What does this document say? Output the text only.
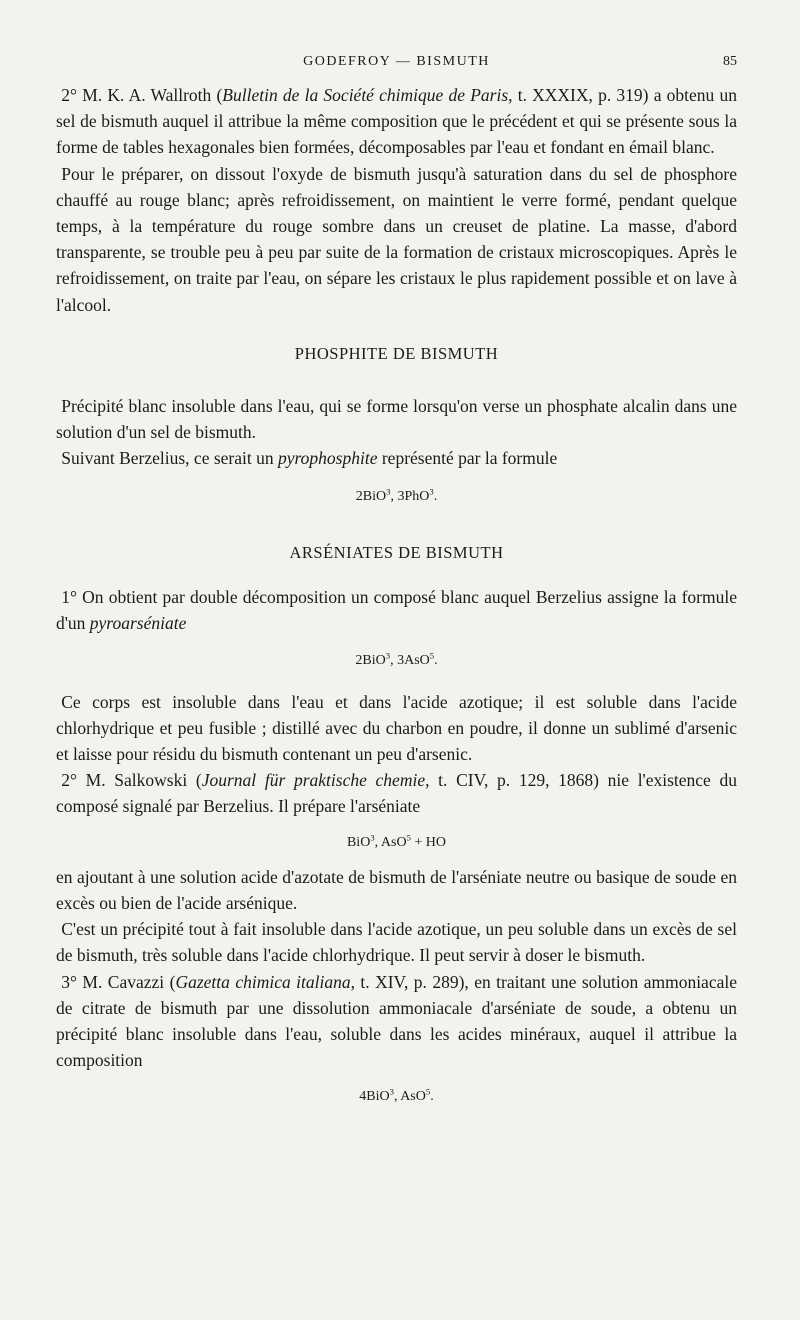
GODEFROY — BISMUTH	85

2° M. K. A. Wallroth (Bulletin de la Société chimique de Paris, t. XXXIX, p. 319) a obtenu un sel de bismuth auquel il attribue la même composition que le précédent et qui se présente sous la forme de tables hexagonales bien formées, décomposables par l'eau et fondant en émail blanc.

Pour le préparer, on dissout l'oxyde de bismuth jusqu'à saturation dans du sel de phosphore chauffé au rouge blanc; après refroidissement, on maintient le verre formé, pendant quelque temps, à la température du rouge sombre dans un creuset de platine. La masse, d'abord transparente, se trouble peu à peu par suite de la formation de cristaux microscopiques. Après le refroidissement, on traite par l'eau, on sépare les cristaux le plus rapidement possible et on lave à l'alcool.

PHOSPHITE DE BISMUTH

Précipité blanc insoluble dans l'eau, qui se forme lorsqu'on verse un phosphate alcalin dans une solution d'un sel de bismuth.

Suivant Berzelius, ce serait un pyrophosphite représenté par la formule

2BiO$^3$, 3PhO$^3$.

ARSÉNIATES DE BISMUTH

1° On obtient par double décomposition un composé blanc auquel Berzelius assigne la formule d'un pyroarséniate

2BiO$^3$, 3AsO$^5$.

Ce corps est insoluble dans l'eau et dans l'acide azotique; il est soluble dans l'acide chlorhydrique et peu fusible ; distillé avec du charbon en poudre, il donne un sublimé d'arsenic et laisse pour résidu du bismuth contenant un peu d'arsenic.

2° M. Salkowski (Journal für praktische chemie, t. CIV, p. 129, 1868) nie l'existence du composé signalé par Berzelius. Il prépare l'arséniate

BiO$^3$, AsO$^5$ + HO

en ajoutant à une solution acide d'azotate de bismuth de l'arséniate neutre ou basique de soude en excès ou bien de l'acide arsénique.

C'est un précipité tout à fait insoluble dans l'acide azotique, un peu soluble dans un excès de sel de bismuth, très soluble dans l'acide chlorhydrique. Il peut servir à doser le bismuth.

3° M. Cavazzi (Gazetta chimica italiana, t. XIV, p. 289), en traitant une solution ammoniacale de citrate de bismuth par une dissolution ammoniacale d'arséniate de soude, a obtenu un précipité blanc insoluble dans l'eau, soluble dans les acides minéraux, auquel il attribue la composition

4BiO$^3$, AsO$^5$.
